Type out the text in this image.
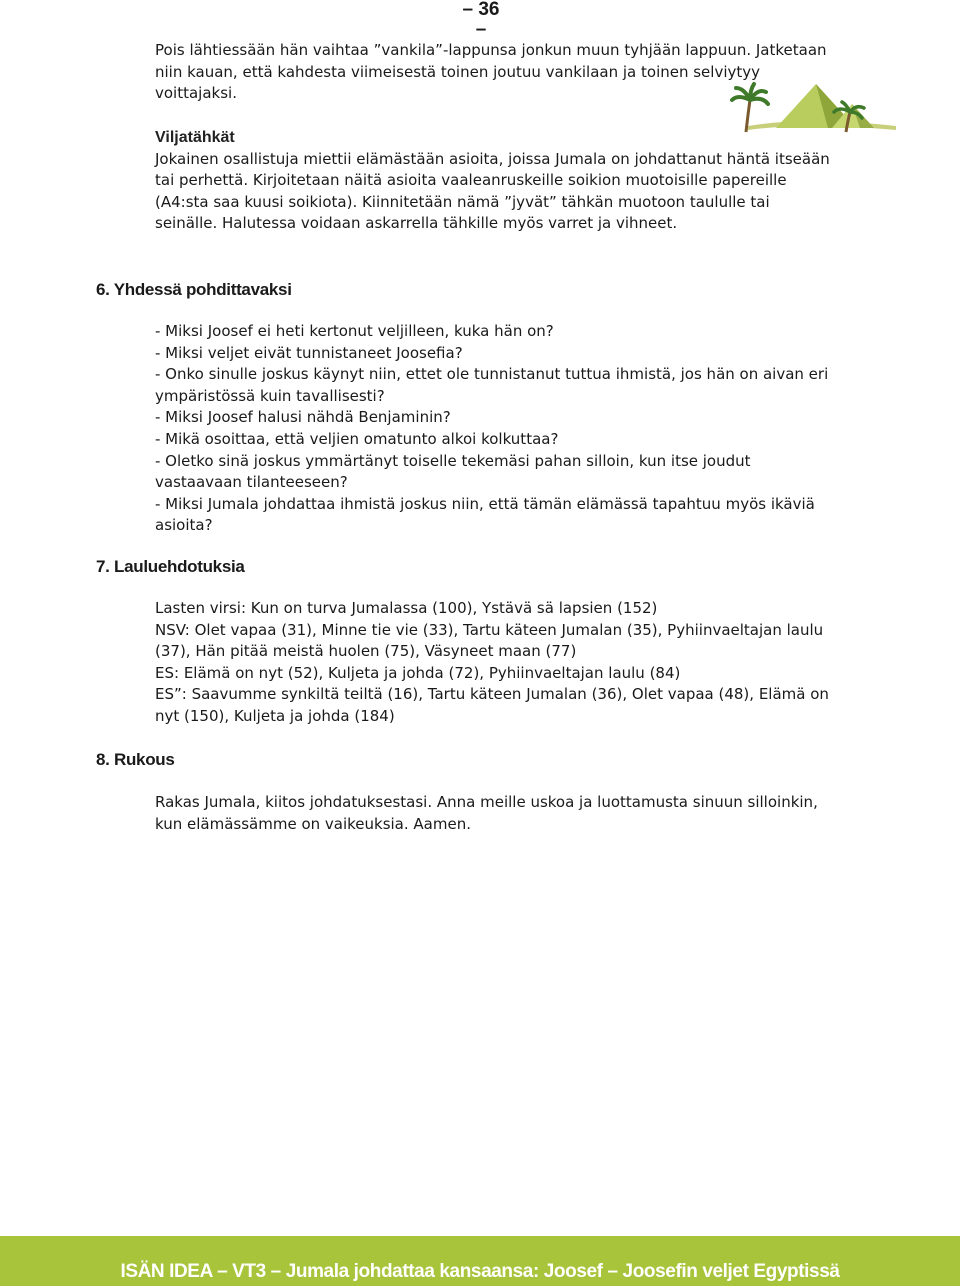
– 36 –

Pois lähtiessään hän vaihtaa ”vankila”-lappunsa jonkun muun tyhjään lappuun. Jatketaan niin kauan, että kahdesta viimeisestä toinen joutuu vankilaan ja toinen selviytyy voittajaksi.

Viljatähkät
Jokainen osallistuja miettii elämästään asioita, joissa Jumala on johdattanut häntä itseään tai perhettä. Kirjoitetaan näitä asioita vaaleanruskeille soikion muotoisille papereille (A4:sta saa kuusi soikiota). Kiinnitetään nämä ”jyvät” tähkän muotoon taululle tai seinälle. Halutessa voidaan askarrella tähkille myös varret ja vihneet.
6. Yhdessä pohdittavaksi
- Miksi Joosef ei heti kertonut veljilleen, kuka hän on?
- Miksi veljet eivät tunnistaneet Joosefia?
- Onko sinulle joskus käynyt niin, ettet ole tunnistanut tuttua ihmistä, jos hän on aivan eri ympäristössä kuin tavallisesti?
- Miksi Joosef halusi nähdä Benjaminin?
- Mikä osoittaa, että veljien omatunto alkoi kolkuttaa?
- Oletko sinä joskus ymmärtänyt toiselle tekemäsi pahan silloin, kun itse joudut vastaavaan tilanteeseen?
- Miksi Jumala johdattaa ihmistä joskus niin, että tämän elämässä tapahtuu myös ikäviä asioita?
7. Lauluehdotuksia
Lasten virsi: Kun on turva Jumalassa (100), Ystävä sä lapsien (152)
NSV: Olet vapaa (31), Minne tie vie (33), Tartu käteen Jumalan (35), Pyhiinvaeltajan laulu (37), Hän pitää meistä huolen (75), Väsyneet maan (77)
ES: Elämä on nyt (52), Kuljeta ja johda (72), Pyhiinvaeltajan laulu (84)
ES”: Saavumme synkiltä teiltä (16), Tartu käteen Jumalan (36), Olet vapaa (48), Elämä on nyt (150), Kuljeta ja johda (184)
8. Rukous

Rakas Jumala, kiitos johdatuksestasi. Anna meille uskoa ja luottamusta sinuun silloinkin, kun elämässämme on vaikeuksia. Aamen.

ISÄN IDEA – VT3 – Jumala johdattaa kansaansa: Joosef – Joosefin veljet Egyptissä
